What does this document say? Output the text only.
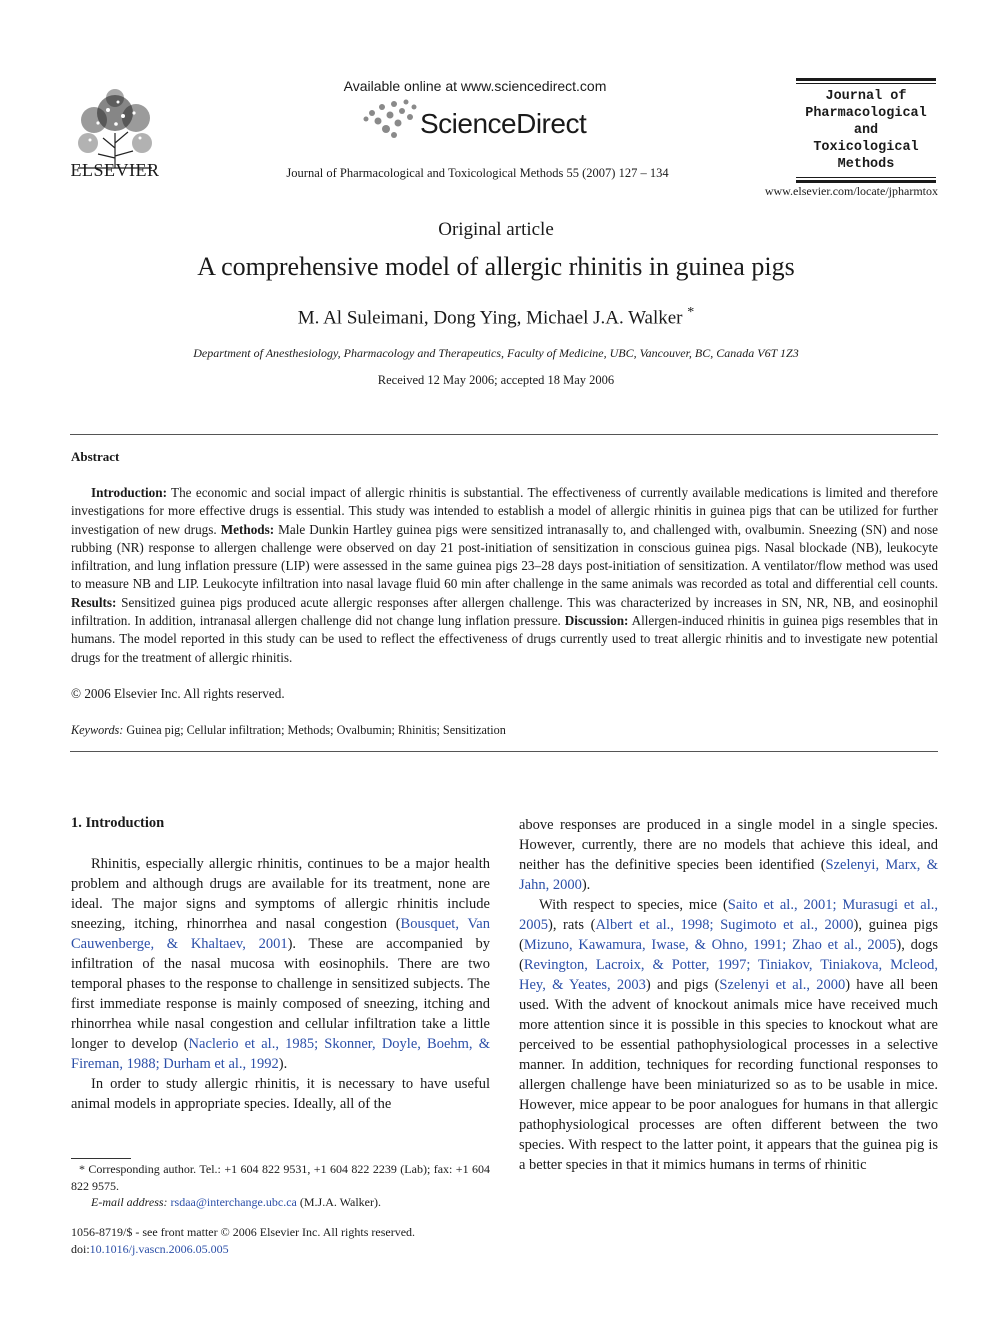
ELSEVIER
Available online at www.sciencedirect.com
ScienceDirect
Journal of Pharmacological and Toxicological Methods 55 (2007) 127 – 134
Journal of
Pharmacological
and
Toxicological
Methods
www.elsevier.com/locate/jpharmtox
Original article
A comprehensive model of allergic rhinitis in guinea pigs
M. Al Suleimani, Dong Ying, Michael J.A. Walker *
Department of Anesthesiology, Pharmacology and Therapeutics, Faculty of Medicine, UBC, Vancouver, BC, Canada V6T 1Z3
Received 12 May 2006; accepted 18 May 2006
Abstract

Introduction: The economic and social impact of allergic rhinitis is substantial. The effectiveness of currently available medications is limited and therefore investigations for more effective drugs is essential. This study was intended to establish a model of allergic rhinitis in guinea pigs that can be utilized for further investigation of new drugs. Methods: Male Dunkin Hartley guinea pigs were sensitized intranasally to, and challenged with, ovalbumin. Sneezing (SN) and nose rubbing (NR) response to allergen challenge were observed on day 21 post-initiation of sensitization in conscious guinea pigs. Nasal blockade (NB), leukocyte infiltration, and lung inflation pressure (LIP) were assessed in the same guinea pigs 23–28 days post-initiation of sensitization. A ventilator/flow method was used to measure NB and LIP. Leukocyte infiltration into nasal lavage fluid 60 min after challenge in the same animals was recorded as total and differential cell counts. Results: Sensitized guinea pigs produced acute allergic responses after allergen challenge. This was characterized by increases in SN, NR, NB, and eosinophil infiltration. In addition, intranasal allergen challenge did not change lung inflation pressure. Discussion: Allergen-induced rhinitis in guinea pigs resembles that in humans. The model reported in this study can be used to reflect the effectiveness of drugs currently used to treat allergic rhinitis and to investigate new potential drugs for the treatment of allergic rhinitis.

© 2006 Elsevier Inc. All rights reserved.
Keywords: Guinea pig; Cellular infiltration; Methods; Ovalbumin; Rhinitis; Sensitization
1. Introduction

Rhinitis, especially allergic rhinitis, continues to be a major health problem and although drugs are available for its treatment, none are ideal. The major signs and symptoms of allergic rhinitis include sneezing, itching, rhinorrhea and nasal congestion (Bousquet, Van Cauwenberge, & Khaltaev, 2001). These are accompanied by infiltration of the nasal mucosa with eosinophils. There are two temporal phases to the response to challenge in sensitized subjects. The first immediate response is mainly composed of sneezing, itching and rhinorrhea while nasal congestion and cellular infiltration take a little longer to develop (Naclerio et al., 1985; Skonner, Doyle, Boehm, & Fireman, 1988; Durham et al., 1992).

In order to study allergic rhinitis, it is necessary to have useful animal models in appropriate species. Ideally, all of the

above responses are produced in a single model in a single species. However, currently, there are no models that achieve this ideal, and neither has the definitive species been identified (Szelenyi, Marx, & Jahn, 2000).

With respect to species, mice (Saito et al., 2001; Murasugi et al., 2005), rats (Albert et al., 1998; Sugimoto et al., 2000), guinea pigs (Mizuno, Kawamura, Iwase, & Ohno, 1991; Zhao et al., 2005), dogs (Revington, Lacroix, & Potter, 1997; Tiniakov, Tiniakova, Mcleod, Hey, & Yeates, 2003) and pigs (Szelenyi et al., 2000) have all been used. With the advent of knockout animals mice have received much more attention since it is possible in this species to knockout what are perceived to be essential pathophysiological processes in a selective manner. In addition, techniques for recording functional responses to allergen challenge have been miniaturized so as to be usable in mice. However, mice appear to be poor analogues for humans in that allergic pathophysiological processes are often different between the two species. With respect to the latter point, it appears that the guinea pig is a better species in that it mimics humans in terms of rhinitic

* Corresponding author. Tel.: +1 604 822 9531, +1 604 822 2239 (Lab); fax: +1 604 822 9575.

E-mail address: rsdaa@interchange.ubc.ca (M.J.A. Walker).

1056-8719/$ - see front matter © 2006 Elsevier Inc. All rights reserved.
doi:10.1016/j.vascn.2006.05.005
